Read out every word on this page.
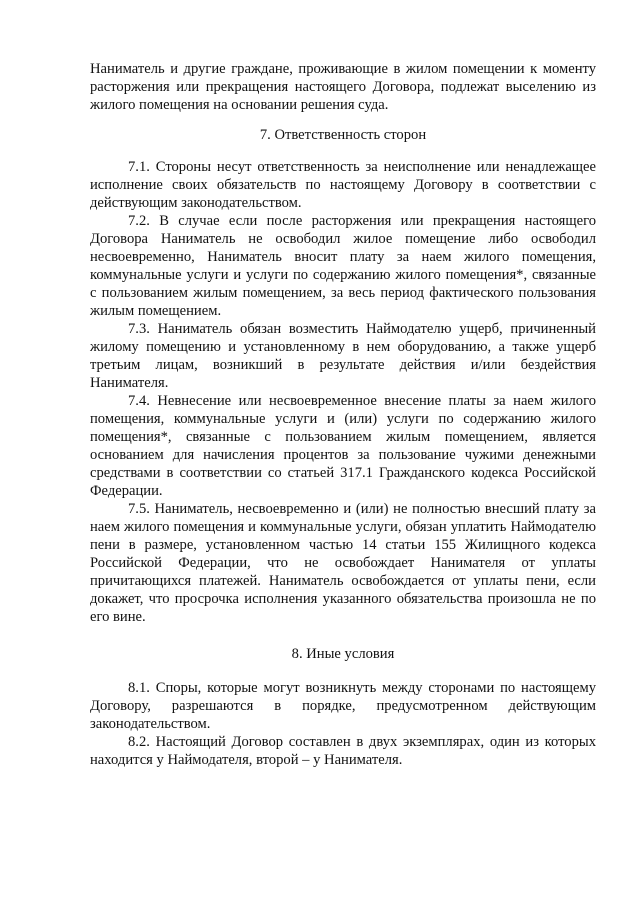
Наниматель и другие граждане, проживающие в жилом помещении к моменту расторжения или прекращения настоящего Договора, подлежат выселению из жилого помещения на основании решения суда.

7. Ответственность сторон

7.1. Стороны несут ответственность за неисполнение или ненадлежащее исполнение своих обязательств по настоящему Договору в соответствии с действующим законодательством.

7.2. В случае если после расторжения или прекращения настоящего Договора Наниматель не освободил жилое помещение либо освободил несвоевременно, Наниматель вносит плату за наем жилого помещения, коммунальные услуги и услуги по содержанию жилого помещения*, связанные с пользованием жилым помещением, за весь период фактического пользования жилым помещением.

7.3. Наниматель обязан возместить Наймодателю ущерб, причиненный жилому помещению и установленному в нем оборудованию, а также ущерб третьим лицам, возникший в результате действия и/или бездействия Нанимателя.

7.4. Невнесение или несвоевременное внесение платы за наем жилого помещения, коммунальные услуги и (или) услуги по содержанию жилого помещения*, связанные с пользованием жилым помещением, является основанием для начисления процентов за пользование чужими денежными средствами в соответствии со статьей 317.1 Гражданского кодекса Российской Федерации.

7.5. Наниматель, несвоевременно и (или) не полностью внесший плату за наем жилого помещения и коммунальные услуги, обязан уплатить Наймодателю пени в размере, установленном частью 14 статьи 155 Жилищного кодекса Российской Федерации, что не освобождает Нанимателя от уплаты причитающихся платежей. Наниматель освобождается от уплаты пени, если докажет, что просрочка исполнения указанного обязательства произошла не по его вине.

8. Иные условия

8.1. Споры, которые могут возникнуть между сторонами по настоящему Договору, разрешаются в порядке, предусмотренном действующим законодательством.

8.2. Настоящий Договор составлен в двух экземплярах, один из которых находится у Наймодателя, второй – у Нанимателя.
